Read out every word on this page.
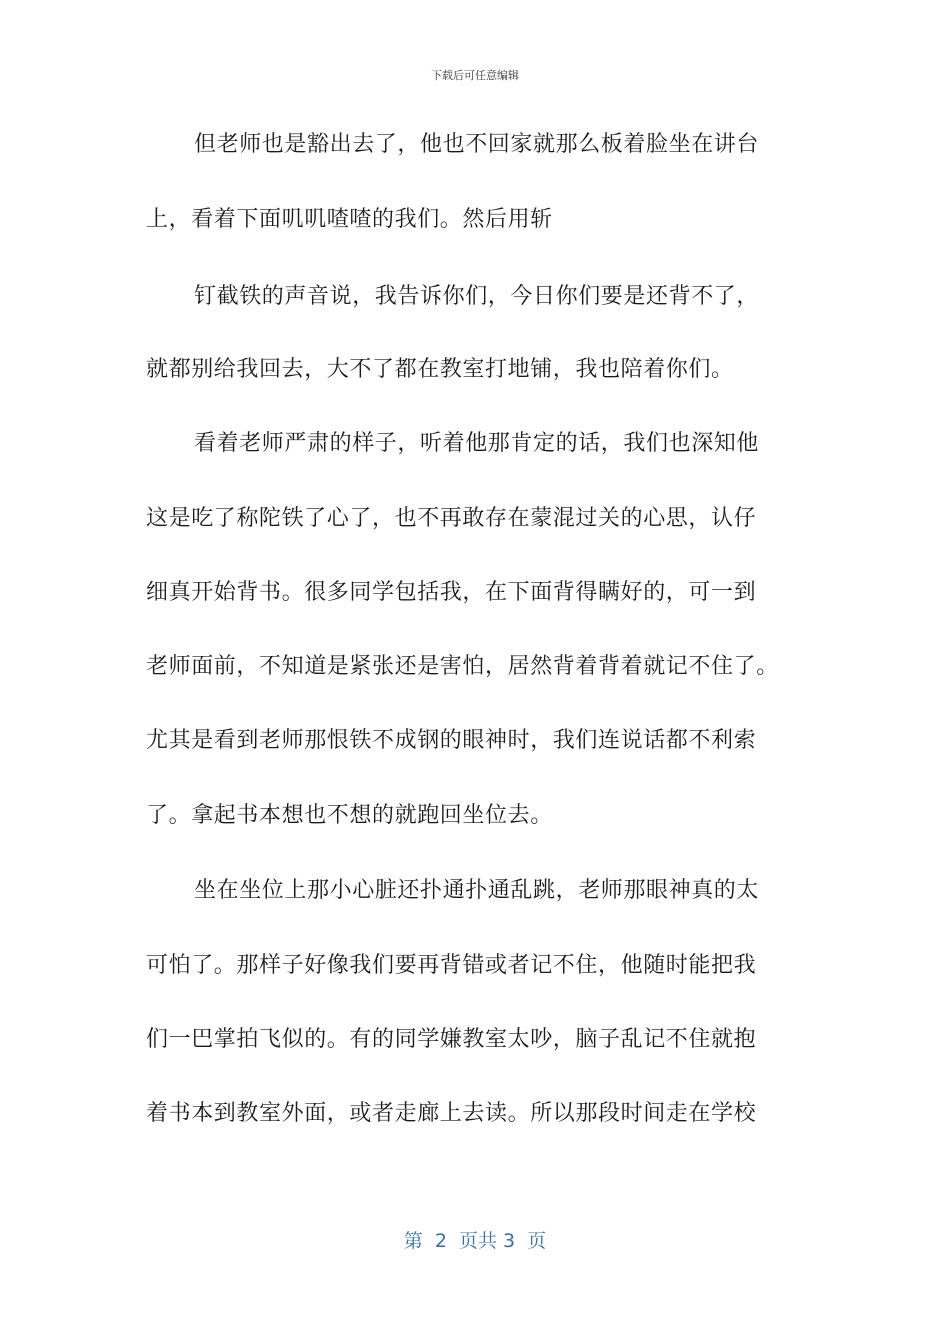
下载后可任意编辑
但老师也是豁出去了，他也不回家就那么板着脸坐在讲台
上，看着下面叽叽喳喳的我们。然后用斩
钉截铁的声音说，我告诉你们，今日你们要是还背不了，
就都别给我回去，大不了都在教室打地铺，我也陪着你们。
看着老师严肃的样子，听着他那肯定的话，我们也深知他
这是吃了称陀铁了心了，也不再敢存在蒙混过关的心思，认仔
细真开始背书。很多同学包括我，在下面背得瞒好的，可一到
老师面前，不知道是紧张还是害怕，居然背着背着就记不住了。
尤其是看到老师那恨铁不成钢的眼神时，我们连说话都不利索
了。拿起书本想也不想的就跑回坐位去。
坐在坐位上那小心脏还扑通扑通乱跳，老师那眼神真的太
可怕了。那样子好像我们要再背错或者记不住，他随时能把我
们一巴掌拍飞似的。有的同学嫌教室太吵，脑子乱记不住就抱
着书本到教室外面，或者走廊上去读。所以那段时间走在学校
第  2  页共 3  页
